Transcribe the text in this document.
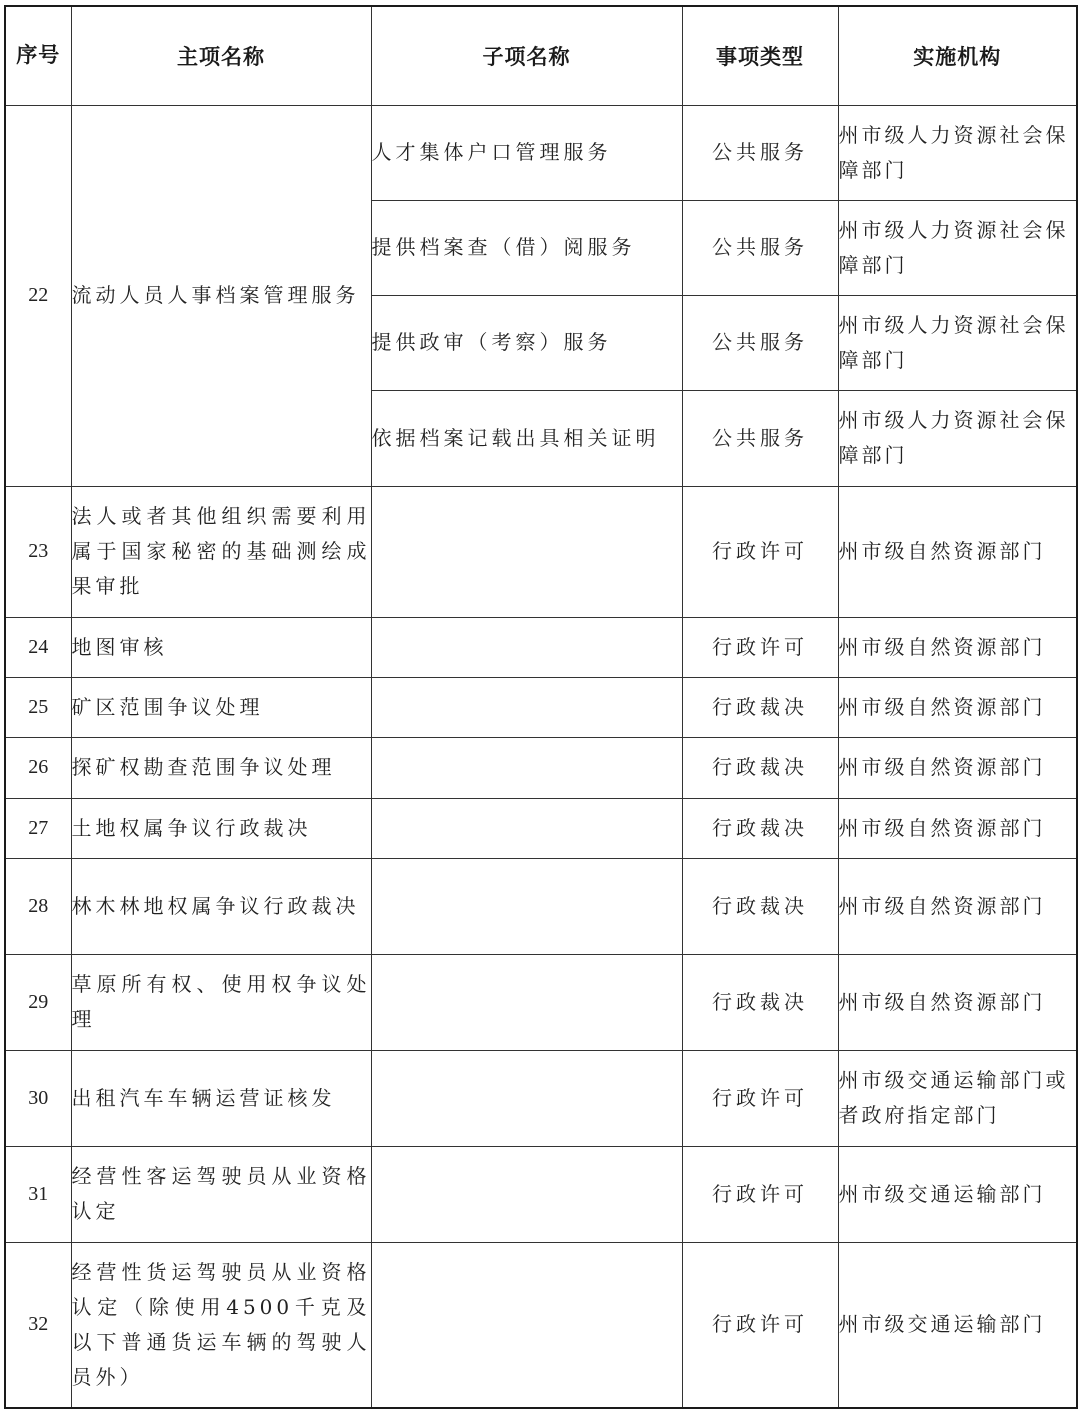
序号	主项名称	子项名称	事项类型	实施机构
22	流动人员人事档案管理服务	人才集体户口管理服务	公共服务	州市级人力资源社会保障部门
		提供档案查（借）阅服务	公共服务	州市级人力资源社会保障部门
		提供政审（考察）服务	公共服务	州市级人力资源社会保障部门
		依据档案记载出具相关证明	公共服务	州市级人力资源社会保障部门
23	法人或者其他组织需要利用属于国家秘密的基础测绘成果审批		行政许可	州市级自然资源部门
24	地图审核		行政许可	州市级自然资源部门
25	矿区范围争议处理		行政裁决	州市级自然资源部门
26	探矿权勘查范围争议处理		行政裁决	州市级自然资源部门
27	土地权属争议行政裁决		行政裁决	州市级自然资源部门
28	林木林地权属争议行政裁决		行政裁决	州市级自然资源部门
29	草原所有权、使用权争议处理		行政裁决	州市级自然资源部门
30	出租汽车车辆运营证核发		行政许可	州市级交通运输部门或者政府指定部门
31	经营性客运驾驶员从业资格认定		行政许可	州市级交通运输部门
32	经营性货运驾驶员从业资格认定（除使用4500千克及以下普通货运车辆的驾驶人员外）		行政许可	州市级交通运输部门
